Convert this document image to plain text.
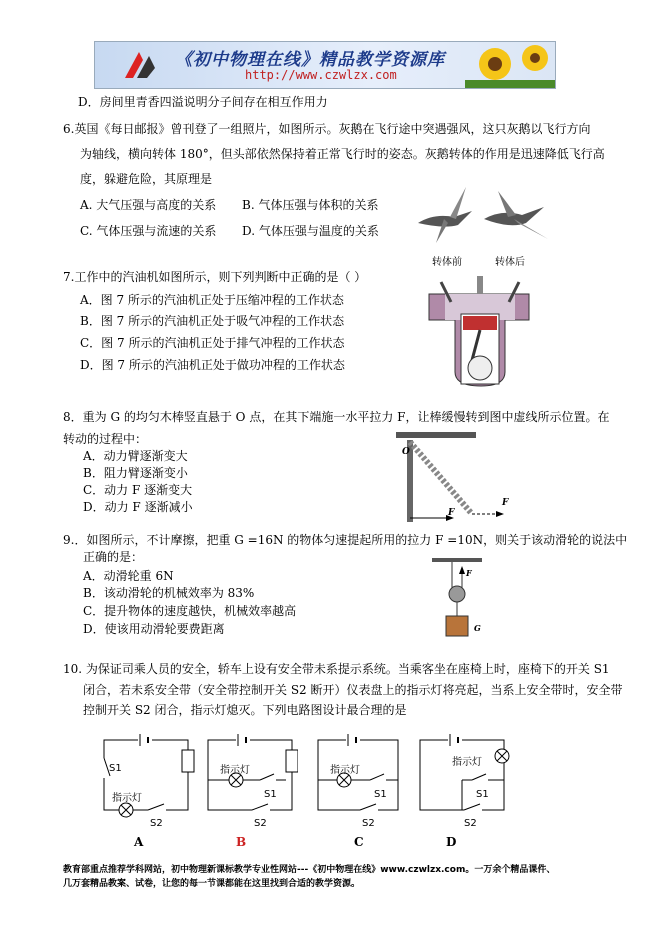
《初中物理在线》精品教学资源库
http://www.czwlzx.com
D．房间里青香四溢说明分子间存在相互作用力
6.英国《每日邮报》曾刊登了一组照片，如图所示。灰鹅在飞行途中突遇强风，这只灰鹅以飞行方向
为轴线，横向转体 180°，但头部依然保持着正常飞行时的姿态。灰鹅转体的作用是迅速降低飞行高
度，躲避危险，其原理是
A. 大气压强与高度的关系 B. 气体压强与体积的关系
C. 气体压强与流速的关系 D. 气体压强与温度的关系
转体前	转体后
7.工作中的汽油机如图所示，则下列判断中正确的是（ ）
A．图 7 所示的汽油机正处于压缩冲程的工作状态
B．图 7 所示的汽油机正处于吸气冲程的工作状态
C．图 7 所示的汽油机正处于排气冲程的工作状态
D．图 7 所示的汽油机正处于做功冲程的工作状态
8．重为 G 的均匀木棒竖直悬于 O 点，在其下端施一水平拉力 F，让棒缓慢转到图中虚线所示位置。在
转动的过程中：
A．动力臂逐渐变大
B．阻力臂逐渐变小
C．动力 F 逐渐变大
D．动力 F 逐渐减小
O
F
F
9.．如图所示，不计摩擦，把重 G =16N 的物体匀速提起所用的拉力 F =10N，则关于该动滑轮的说法中
正确的是：
A．动滑轮重 6N
B．该动滑轮的机械效率为 83%
C．提升物体的速度越快，机械效率越高
D．使该用动滑轮要费距离
F
G
10. 为保证司乘人员的安全，轿车上设有安全带未系提示系统。当乘客坐在座椅上时，座椅下的开关 S1
闭合，若未系安全带（安全带控制开关 S2 断开）仪表盘上的指示灯将亮起，当系上安全带时，安全带
控制开关 S2 闭合，指示灯熄灭。下列电路图设计最合理的是
S1
指示灯
S2
A
指示灯
S1
S2
B
指示灯
S1
S2
C
指示灯
S1
S2
D
教育部重点推荐学科网站，初中物理新课标教学专业性网站---《初中物理在线》www.czwlzx.com。一万余个精品课件、
几万套精品教案、试卷，让您的每一节课都能在这里找到合适的教学资源。
